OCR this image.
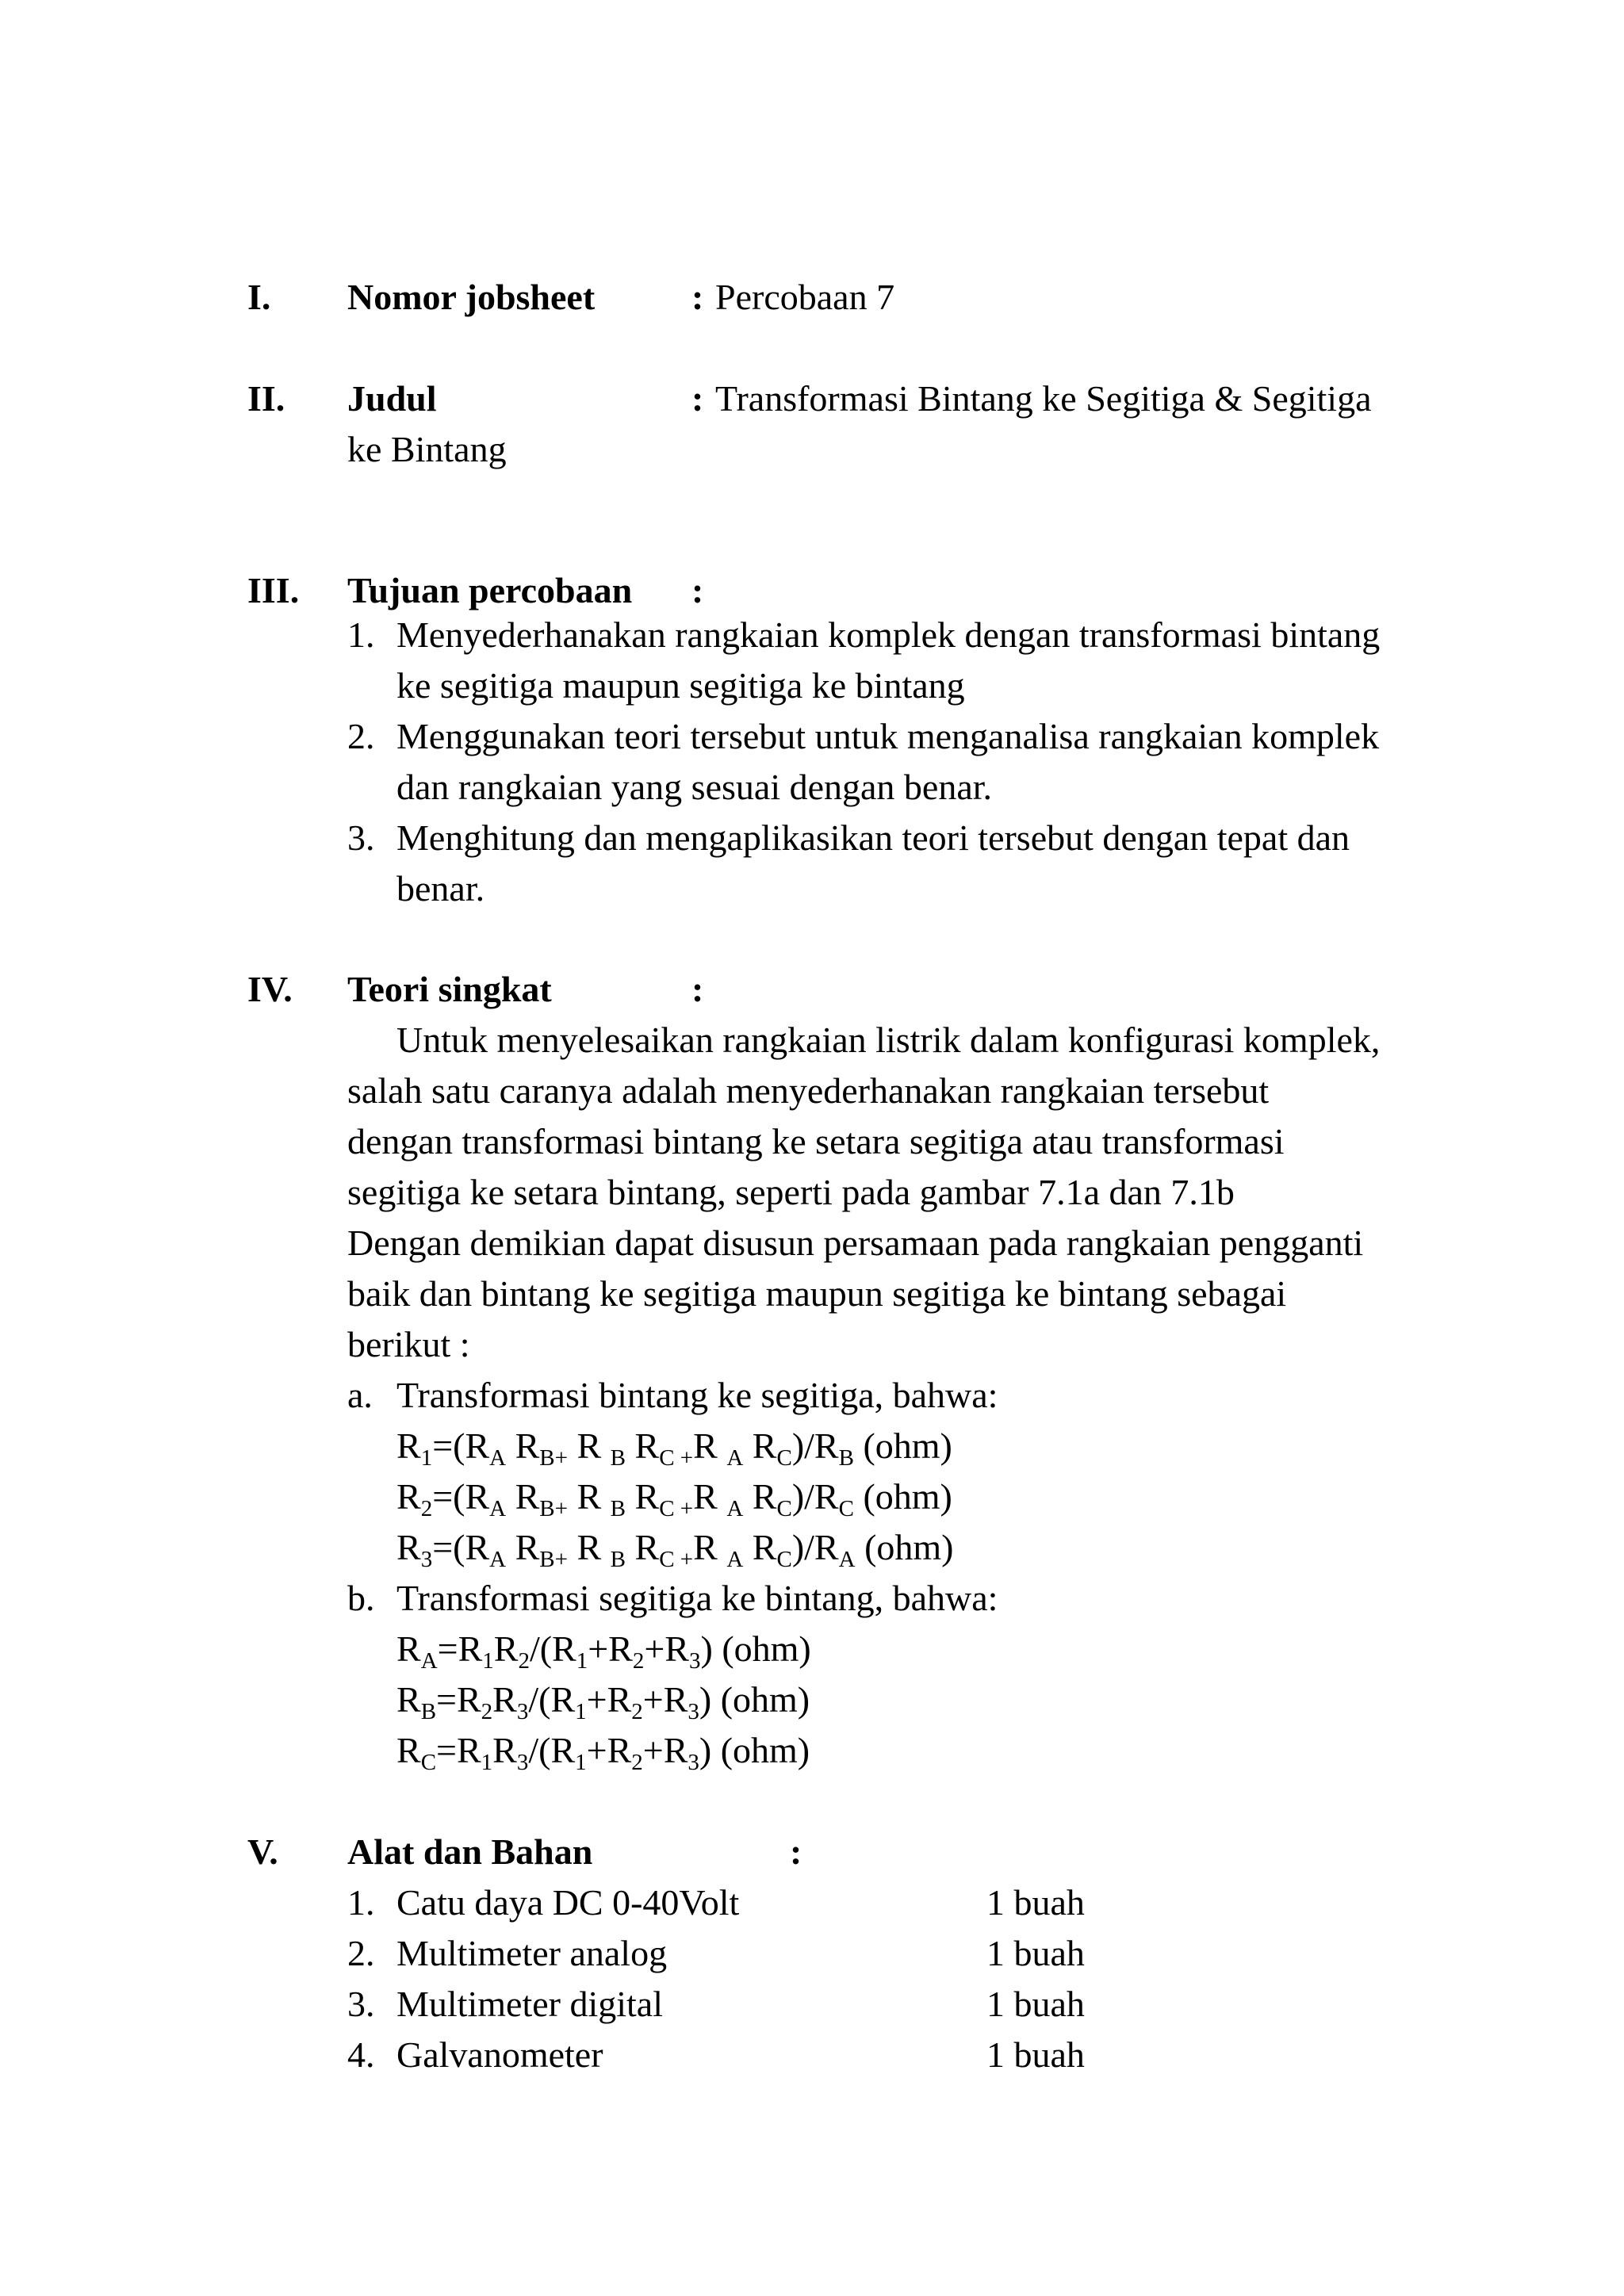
I. Nomor jobsheet	: Percobaan 7
II. Judul	: Transformasi Bintang ke Segitiga & Segitiga
ke Bintang
III. Tujuan percobaan :
1. Menyederhanakan rangkaian komplek dengan transformasi bintang
ke segitiga maupun segitiga ke bintang
2. Menggunakan teori tersebut untuk menganalisa rangkaian komplek
dan rangkaian yang sesuai dengan benar.
3. Menghitung dan mengaplikasikan teori tersebut dengan tepat dan
benar.
IV. Teori singkat	:
Untuk menyelesaikan rangkaian listrik dalam konfigurasi komplek,
salah satu caranya adalah menyederhanakan rangkaian tersebut
dengan transformasi bintang ke setara segitiga atau transformasi
segitiga ke setara bintang, seperti pada gambar 7.1a dan 7.1b
Dengan demikian dapat disusun persamaan pada rangkaian pengganti
baik dan bintang ke segitiga maupun segitiga ke bintang sebagai
berikut :
a. Transformasi bintang ke segitiga, bahwa:
$R_1=(R_A$ $R_{B+}$ R $_B$ $R_{C +}R$ $_A$ $R_C)/R_B$ (ohm)
$R_2=(R_A$ $R_{B+}$ R $_B$ $R_{C +}R$ $_A$ $R_C)/R_C$ (ohm)
$R_3=(R_A$ $R_{B+}$ R $_B$ $R_{C +}R$ $_A$ $R_C)/R_A$ (ohm)
b. Transformasi segitiga ke bintang, bahwa:
$R_A=R_1R_2/(R_1+R_2+R_3)$ (ohm)
$R_B=R_2R_3/(R_1+R_2+R_3)$ (ohm)
$R_C=R_1R_3/(R_1+R_2+R_3)$ (ohm)
V. Alat dan Bahan	:
1. Catu daya DC 0-40Volt	1 buah
2. Multimeter analog	1 buah
3. Multimeter digital	1 buah
4. Galvanometer	1 buah
